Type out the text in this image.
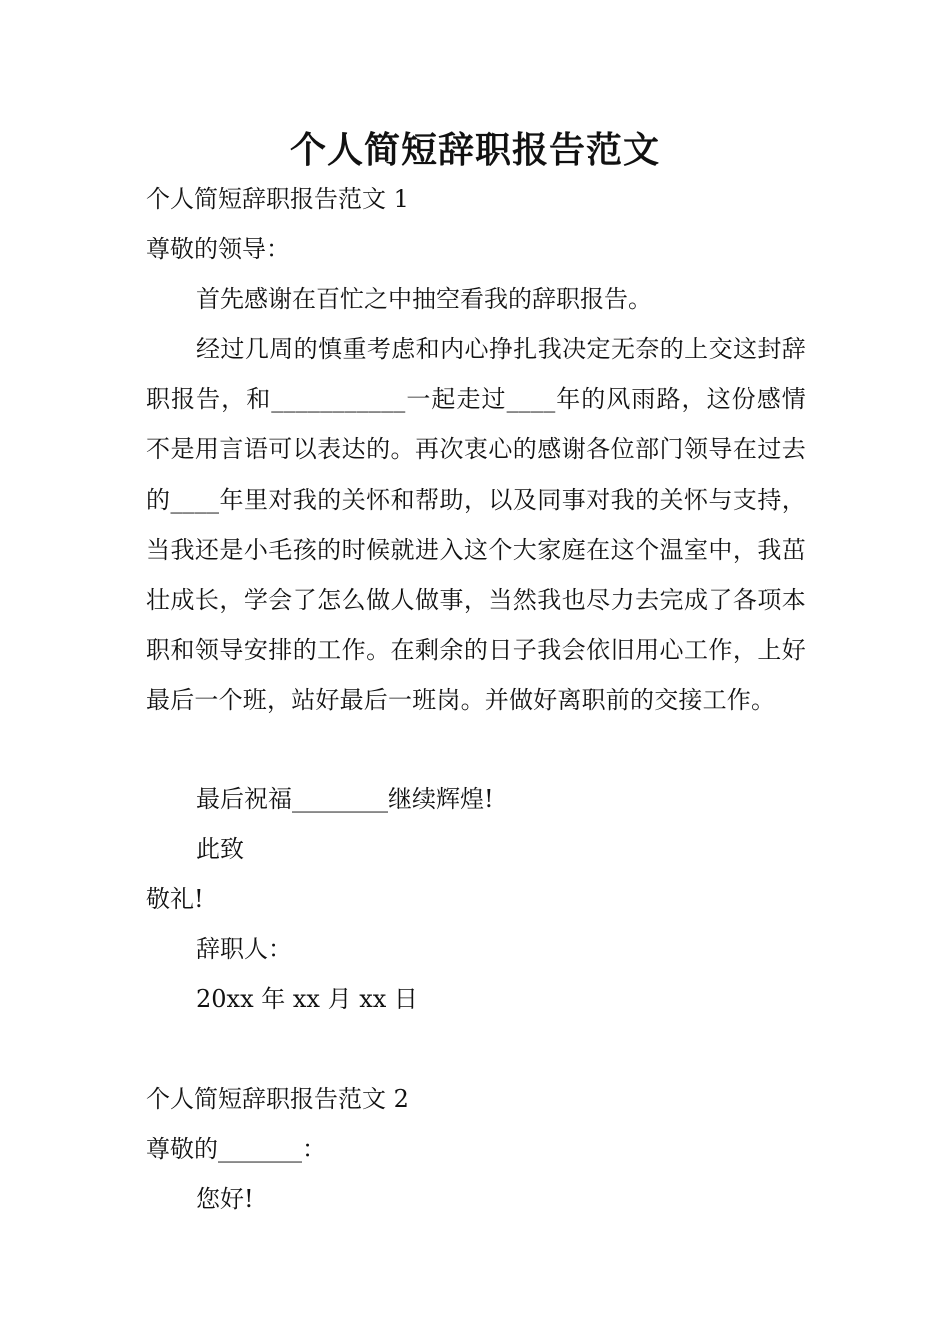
个人简短辞职报告范文
个人简短辞职报告范文 1
尊敬的领导：
首先感谢在百忙之中抽空看我的辞职报告。
经过几周的慎重考虑和内心挣扎我决定无奈的上交这封辞职报告，和___________一起走过____年的风雨路，这份感情不是用言语可以表达的。再次衷心的感谢各位部门领导在过去的____年里对我的关怀和帮助，以及同事对我的关怀与支持，当我还是小毛孩的时候就进入这个大家庭在这个温室中，我茁壮成长，学会了怎么做人做事，当然我也尽力去完成了各项本职和领导安排的工作。在剩余的日子我会依旧用心工作，上好最后一个班，站好最后一班岗。并做好离职前的交接工作。
最后祝福________继续辉煌!
此致
敬礼!
辞职人：
20xx 年 xx 月 xx 日
个人简短辞职报告范文 2
尊敬的_______：
您好!
